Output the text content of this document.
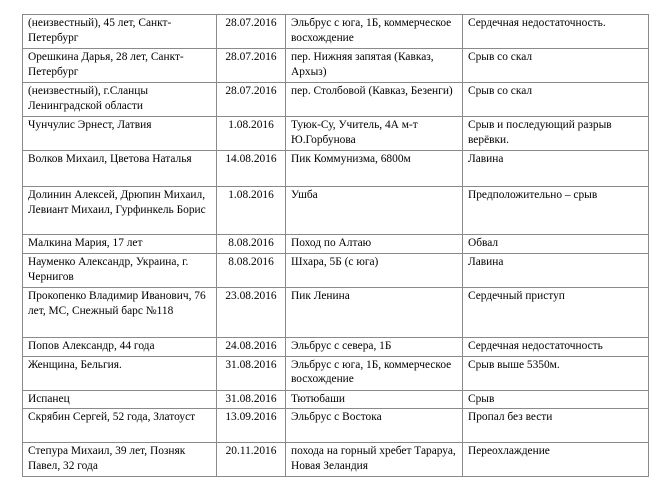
(неизвестный), 45 лет, Санкт-Петербург	28.07.2016	Эльбрус с юга, 1Б, коммерческое восхождение	Сердечная недостаточность.
Орешкина Дарья, 28 лет, Санкт-Петербург	28.07.2016	пер. Нижняя запятая (Кавказ, Архыз)	Срыв со скал
(неизвестный), г.Сланцы Ленинградской области	28.07.2016	пер. Столбовой (Кавказ, Безенги)	Срыв со скал
Чунчулис Эрнест, Латвия	1.08.2016	Туюк-Су, Учитель, 4А м-т Ю.Горбунова	Срыв и последующий разрыв верёвки.
Волков Михаил, Цветова Наталья	14.08.2016	Пик Коммунизма, 6800м	Лавина
Долинин Алексей, Дрюпин Михаил, Левиант Михаил, Гурфинкель Борис	1.08.2016	Ушба	Предположительно – срыв
Малкина Мария, 17 лет	8.08.2016	Поход по Алтаю	Обвал
Науменко Александр, Украина, г. Чернигов	8.08.2016	Шхара, 5Б (с юга)	Лавина
Прокопенко Владимир Иванович, 76 лет, МС, Снежный барс №118	23.08.2016	Пик Ленина	Сердечный приступ
Попов Александр, 44 года	24.08.2016	Эльбрус с севера, 1Б	Сердечная недостаточность
Женщина, Бельгия.	31.08.2016	Эльбрус с юга, 1Б, коммерческое восхождение	Срыв выше 5350м.
Испанец	31.08.2016	Тютюбаши	Срыв
Скрябин Сергей, 52 года, Златоуст	13.09.2016	Эльбрус с Востока	Пропал без вести
Степура Михаил, 39 лет, Позняк Павел, 32 года	20.11.2016	похода на горный хребет Тараруа, Новая Зеландия	Переохлаждение
